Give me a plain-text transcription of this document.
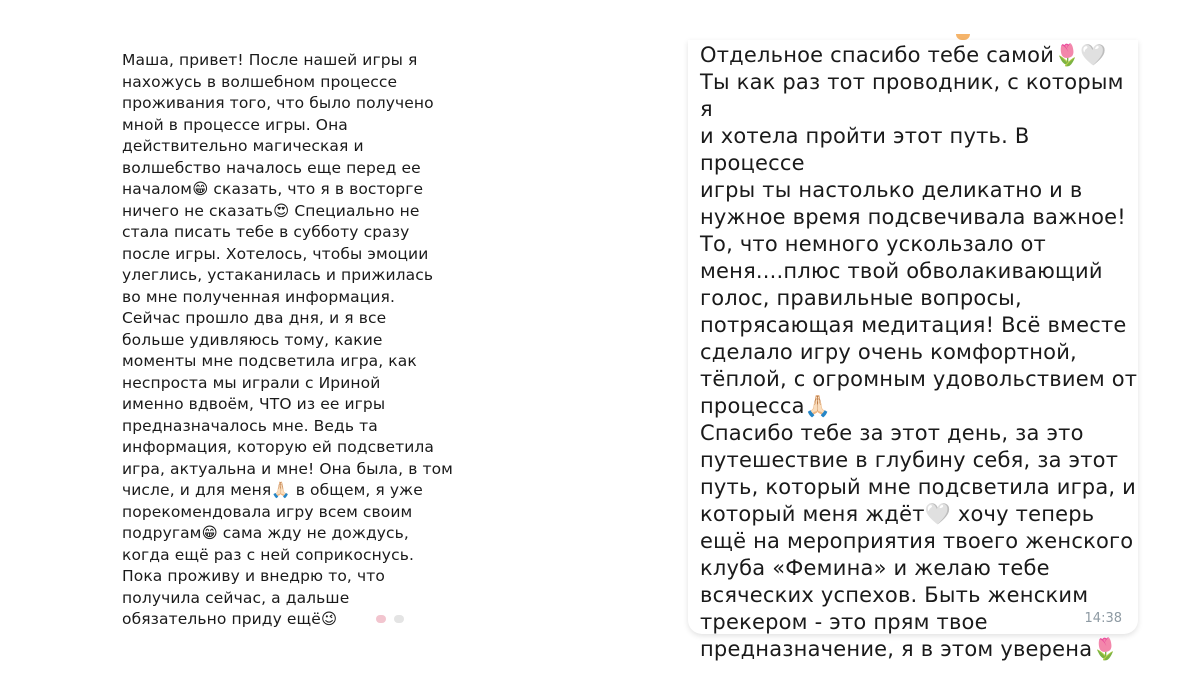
Маша, привет! После нашей игры я
нахожусь в волшебном процессе
проживания того, что было получено
мной в процессе игры. Она
действительно магическая и
волшебство началось еще перед ее
началом😁 сказать, что я в восторге
ничего не сказать😍 Специально не
стала писать тебе в субботу сразу
после игры. Хотелось, чтобы эмоции
улеглись, устаканилась и прижилась
во мне полученная информация.
Сейчас прошло два дня, и я все
больше удивляюсь тому, какие
моменты мне подсветила игра, как
неспроста мы играли с Ириной
именно вдвоём, ЧТО из ее игры
предназначалось мне. Ведь та
информация, которую ей подсветила
игра, актуальна и мне! Она была, в том
числе, и для меня🙏🏻 в общем, я уже
порекомендовала игру всем своим
подругам😁 сама жду не дождусь,
когда ещё раз с ней соприкоснусь.
Пока проживу и внедрю то, что
получила сейчас, а дальше
обязательно приду ещё😉
Отдельное спасибо тебе самой🌷🤍
Ты как раз тот проводник, с которым я
и хотела пройти этот путь. В процессе
игры ты настолько деликатно и в
нужное время подсвечивала важное!
То, что немного ускользало от
меня....плюс твой обволакивающий
голос, правильные вопросы,
потрясающая медитация! Всё вместе
сделало игру очень комфортной,
тёплой, с огромным удовольствием от
процесса🙏🏻
Спасибо тебе за этот день, за это
путешествие в глубину себя, за этот
путь, который мне подсветила игра, и
который меня ждёт🤍 хочу теперь
ещё на мероприятия твоего женского
клуба «Фемина» и желаю тебе
всяческих успехов. Быть женским
трекером - это прям твое
предназначение, я в этом уверена🌷
14:38
